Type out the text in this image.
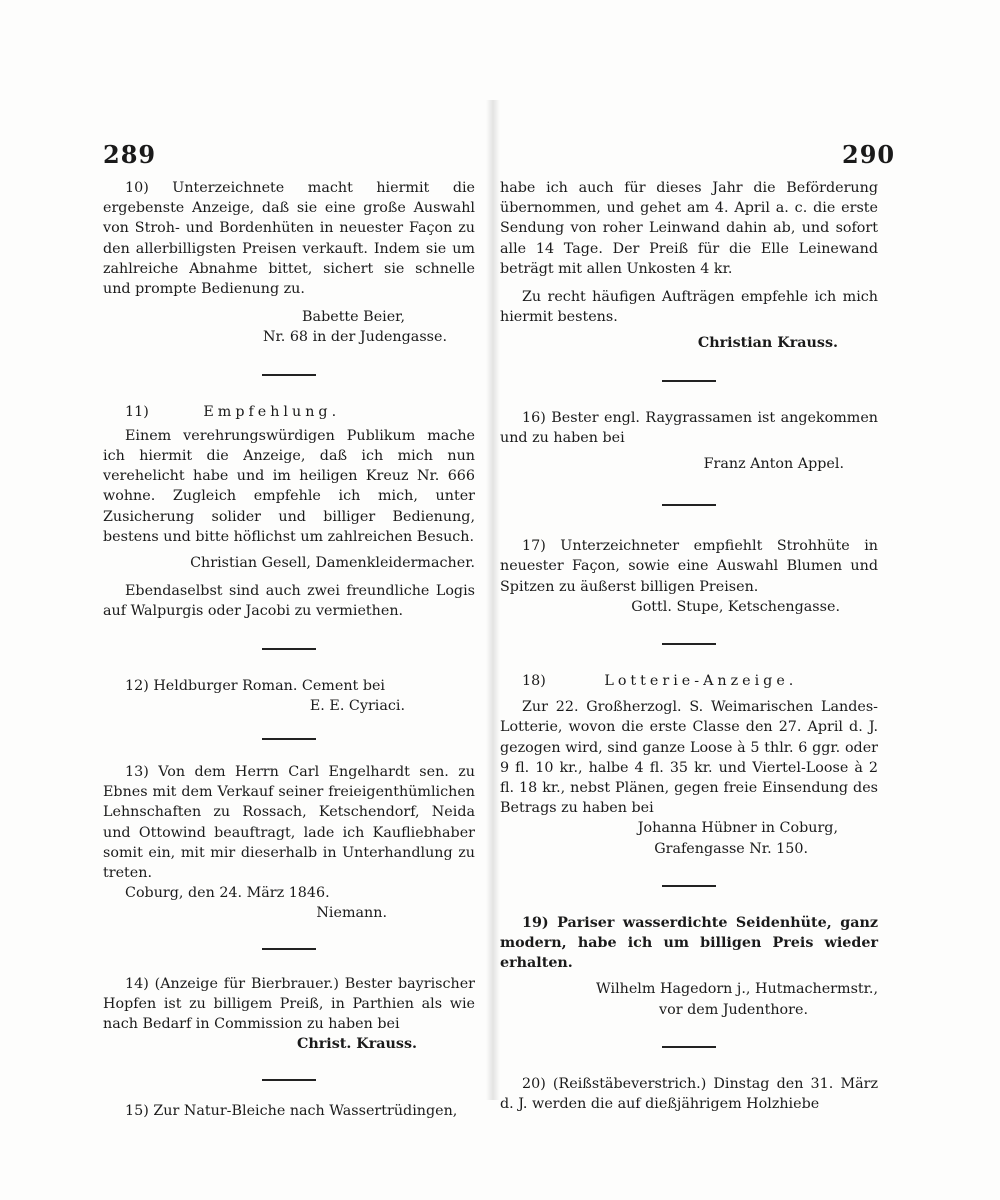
289	290

10) Unterzeichnete macht hiermit die ergebenste Anzeige, daß sie eine große Auswahl von Stroh- und Bordenhüten in neuester Façon zu den allerbilligsten Preisen verkauft. Indem sie um zahlreiche Abnahme bittet, sichert sie schnelle und prompte Bedienung zu.

Babette Beier,

Nr. 68 in der Judengasse.

11)	Empfehlung.

Einem verehrungswürdigen Publikum mache ich hiermit die Anzeige, daß ich mich nun verehelicht habe und im heiligen Kreuz Nr. 666 wohne. Zugleich empfehle ich mich, unter Zusicherung solider und billiger Bedienung, bestens und bitte höflichst um zahlreichen Besuch.

Christian Gesell, Damenkleidermacher.

Ebendaselbst sind auch zwei freundliche Logis auf Walpurgis oder Jacobi zu vermiethen.

12) Heldburger Roman. Cement bei

E. E. Cyriaci.

13) Von dem Herrn Carl Engelhardt sen. zu Ebnes mit dem Verkauf seiner freieigenthümlichen Lehnschaften zu Rossach, Ketschendorf, Neida und Ottowind beauftragt, lade ich Kaufliebhaber somit ein, mit mir dieserhalb in Unterhandlung zu treten.

Coburg, den 24. März 1846.

Niemann.

14) (Anzeige für Bierbrauer.) Bester bayrischer Hopfen ist zu billigem Preiß, in Parthien als wie nach Bedarf in Commission zu haben bei

Christ. Krauss.

15) Zur Natur-Bleiche nach Wassertrüdingen,

habe ich auch für dieses Jahr die Beförderung übernommen, und gehet am 4. April a. c. die erste Sendung von roher Leinwand dahin ab, und sofort alle 14 Tage. Der Preiß für die Elle Leinewand beträgt mit allen Unkosten 4 kr.

Zu recht häufigen Aufträgen empfehle ich mich hiermit bestens.

Christian Krauss.

16) Bester engl. Raygrassamen ist angekommen und zu haben bei

Franz Anton Appel.

17) Unterzeichneter empfiehlt Strohhüte in neuester Façon, sowie eine Auswahl Blumen und Spitzen zu äußerst billigen Preisen.

Gottl. Stupe, Ketschengasse.

18)	Lotterie-Anzeige.

Zur 22. Großherzogl. S. Weimarischen Landes-Lotterie, wovon die erste Classe den 27. April d. J. gezogen wird, sind ganze Loose à 5 thlr. 6 ggr. oder 9 fl. 10 kr., halbe 4 fl. 35 kr. und Viertel-Loose à 2 fl. 18 kr., nebst Plänen, gegen freie Einsendung des Betrags zu haben bei

Johanna Hübner in Coburg,

Grafengasse Nr. 150.

19) Pariser wasserdichte Seidenhüte, ganz modern, habe ich um billigen Preis wieder erhalten.

Wilhelm Hagedorn j., Hutmachermstr.,

vor dem Judenthore.

20) (Reißstäbeverstrich.) Dinstag den 31. März d. J. werden die auf dießjährigem Holzhiebe
